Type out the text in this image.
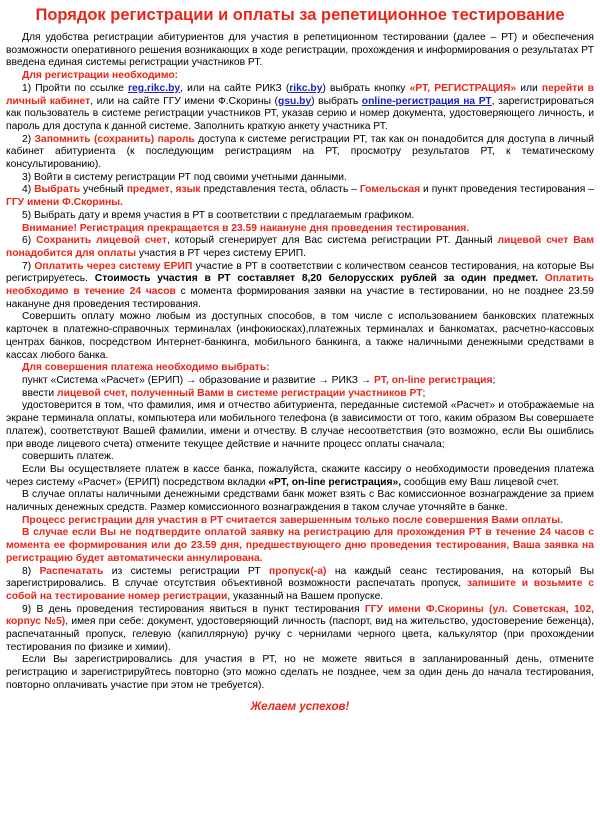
Порядок регистрации и оплаты за репетиционное тестирование

Для удобства регистрации абитуриентов для участия в репетиционном тестировании (далее – РТ) и обеспечения возможности оперативного решения возникающих в ходе регистрации, прохождения и информирования о результатах РТ введена единая системы регистрации участников РТ.

Для регистрации необходимо:

1) Пройти по ссылке reg.rikc.by, или на сайте РИКЗ (rikc.by) выбрать кнопку «РТ, РЕГИСТРАЦИЯ» или перейти в личный кабинет, или на сайте ГГУ имени Ф.Скорины (gsu.by) выбрать online-регистрация на РТ, зарегистрироваться как пользователь в системе регистрации участников РТ, указав серию и номер документа, удостоверяющего личность, и пароль для доступа к данной системе. Заполнить краткую анкету участника РТ.

2) Запомнить (сохранить) пароль доступа к системе регистрации РТ, так как он понадобится для доступа в личный кабинет абитуриента (к последующим регистрациям на РТ, просмотру результатов РТ, к тематическому консультированию).

3) Войти в систему регистрации РТ под своими учетными данными.

4) Выбрать учебный предмет, язык представления теста, область – Гомельская и пункт проведения тестирования – ГГУ имени Ф.Скорины.

5) Выбрать дату и время участия в РТ в соответствии с предлагаемым графиком.

Внимание! Регистрация прекращается в 23.59 накануне дня проведения тестирования.

6) Сохранить лицевой счет, который сгенерирует для Вас система регистрации РТ. Данный лицевой счет Вам понадобится для оплаты участия в РТ через систему ЕРИП.

7) Оплатить через систему ЕРИП участие в РТ в соответствии с количеством сеансов тестирования, на которые Вы регистрируетесь. Стоимость участия в РТ составляет 8,20 белорусских рублей за один предмет. Оплатить необходимо в течение 24 часов с момента формирования заявки на участие в тестировании, но не позднее 23.59 накануне дня проведения тестирования.

Совершить оплату можно любым из доступных способов, в том числе с использованием банковских платежных карточек в платежно-справочных терминалах (инфокиосках),платежных терминалах и банкоматах, расчетно-кассовых центрах банков, посредством Интернет-банкинга, мобильного банкинга, а также наличными денежными средствами в кассах любого банка.

Для совершения платежа необходимо выбрать:

пункт «Система «Расчет» (ЕРИП) → образование и развитие → РИКЗ → РТ, on-line регистрация;

ввести лицевой счет, полученный Вами в системе регистрации участников РТ;

удостоверится в том, что фамилия, имя и отчество абитуриента, переданные системой «Расчет» и отображаемые на экране терминала оплаты, компьютера или мобильного телефона (в зависимости от того, каким образом Вы совершаете платеж), соответствуют Вашей фамилии, имени и отчеству. В случае несоответствия (это возможно, если Вы ошиблись при вводе лицевого счета) отмените текущее действие и начните процесс оплаты сначала;

совершить платеж.

Если Вы осуществляете платеж в кассе банка, пожалуйста, скажите кассиру о необходимости проведения платежа через систему «Расчет» (ЕРИП) посредством вкладки «РТ, on-line регистрация», сообщив ему Ваш лицевой счет.

В случае оплаты наличными денежными средствами банк может взять с Вас комиссионное вознаграждение за прием наличных денежных средств. Размер комиссионного вознаграждения в таком случае уточняйте в банке.

Процесс регистрации для участия в РТ считается завершенным только после совершения Вами оплаты.

В случае если Вы не подтвердите оплатой заявку на регистрацию для прохождения РТ в течение 24 часов с момента ее формирования или до 23.59 дня, предшествующего дню проведения тестирования, Ваша заявка на регистрацию будет автоматически аннулирована.

8) Распечатать из системы регистрации РТ пропуск(-а) на каждый сеанс тестирования, на который Вы зарегистрировались. В случае отсутствия объективной возможности распечатать пропуск, запишите и возьмите с собой на тестирование номер регистрации, указанный на Вашем пропуске.

9) В день проведения тестирования явиться в пункт тестирования ГГУ имени Ф.Скорины (ул. Советская, 102, корпус №5), имея при себе: документ, удостоверяющий личность (паспорт, вид на жительство, удостоверение беженца), распечатанный пропуск, гелевую (капиллярную) ручку с чернилами черного цвета, калькулятор (при прохождении тестирования по физике и химии).

Если Вы зарегистрировались для участия в РТ, но не можете явиться в запланированный день, отмените регистрацию и зарегистрируйтесь повторно (это можно сделать не позднее, чем за один день до начала тестирования, повторно оплачивать участие при этом не требуется).

Желаем успехов!
